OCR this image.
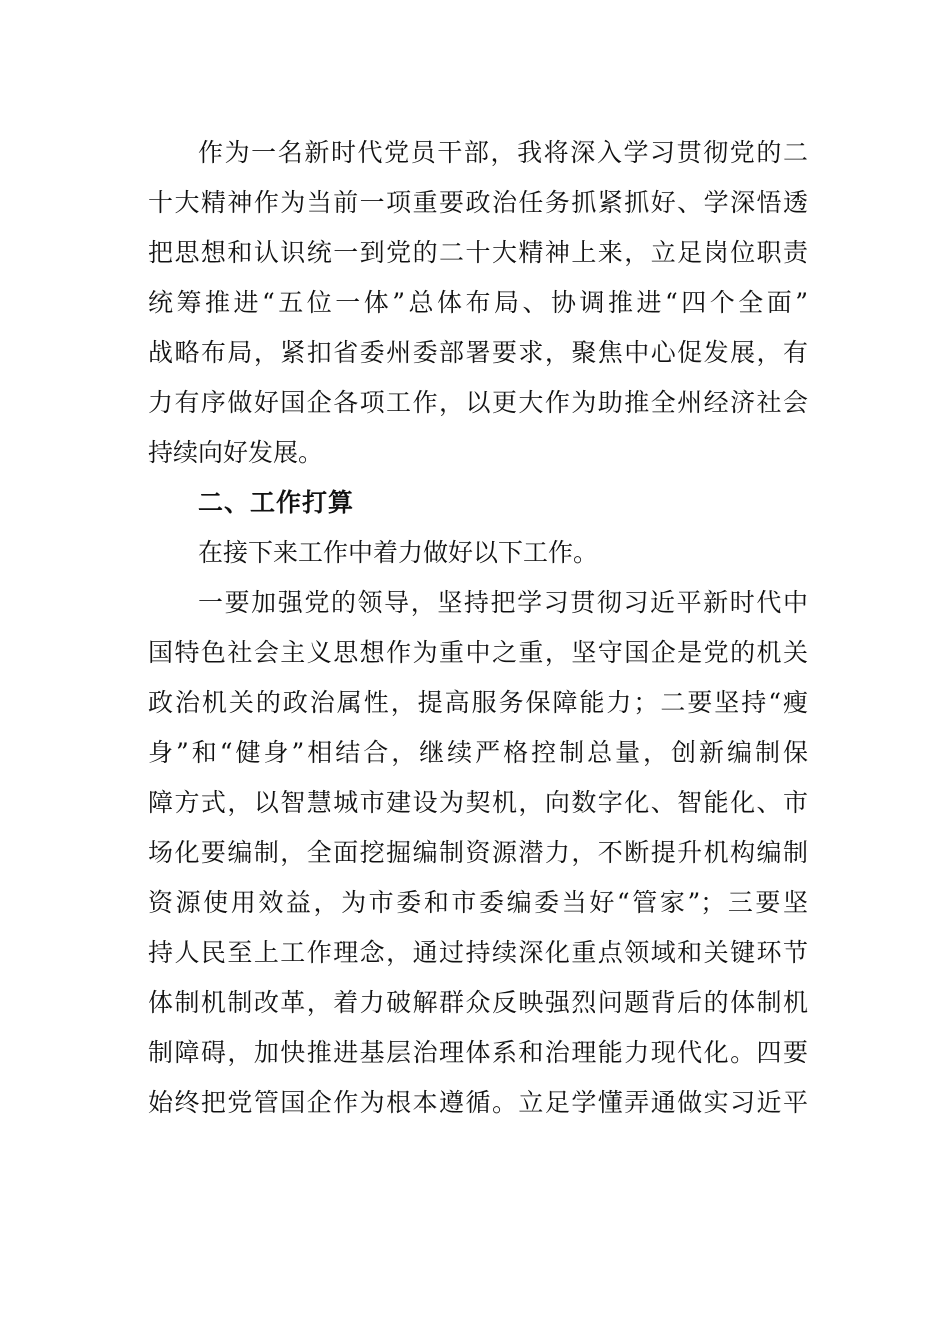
作为一名新时代党员干部，我将深入学习贯彻党的二
十大精神作为当前一项重要政治任务抓紧抓好、学深悟透
把思想和认识统一到党的二十大精神上来，立足岗位职责
统筹推进“五位一体”总体布局、协调推进“四个全面”
战略布局，紧扣省委州委部署要求，聚焦中心促发展，有
力有序做好国企各项工作，以更大作为助推全州经济社会
持续向好发展。
二、工作打算
在接下来工作中着力做好以下工作。
一要加强党的领导，坚持把学习贯彻习近平新时代中
国特色社会主义思想作为重中之重，坚守国企是党的机关
政治机关的政治属性，提高服务保障能力；二要坚持“瘦
身”和“健身”相结合，继续严格控制总量，创新编制保
障方式，以智慧城市建设为契机，向数字化、智能化、市
场化要编制，全面挖掘编制资源潜力，不断提升机构编制
资源使用效益，为市委和市委编委当好“管家”；三要坚
持人民至上工作理念，通过持续深化重点领域和关键环节
体制机制改革，着力破解群众反映强烈问题背后的体制机
制障碍，加快推进基层治理体系和治理能力现代化。四要
始终把党管国企作为根本遵循。立足学懂弄通做实习近平
